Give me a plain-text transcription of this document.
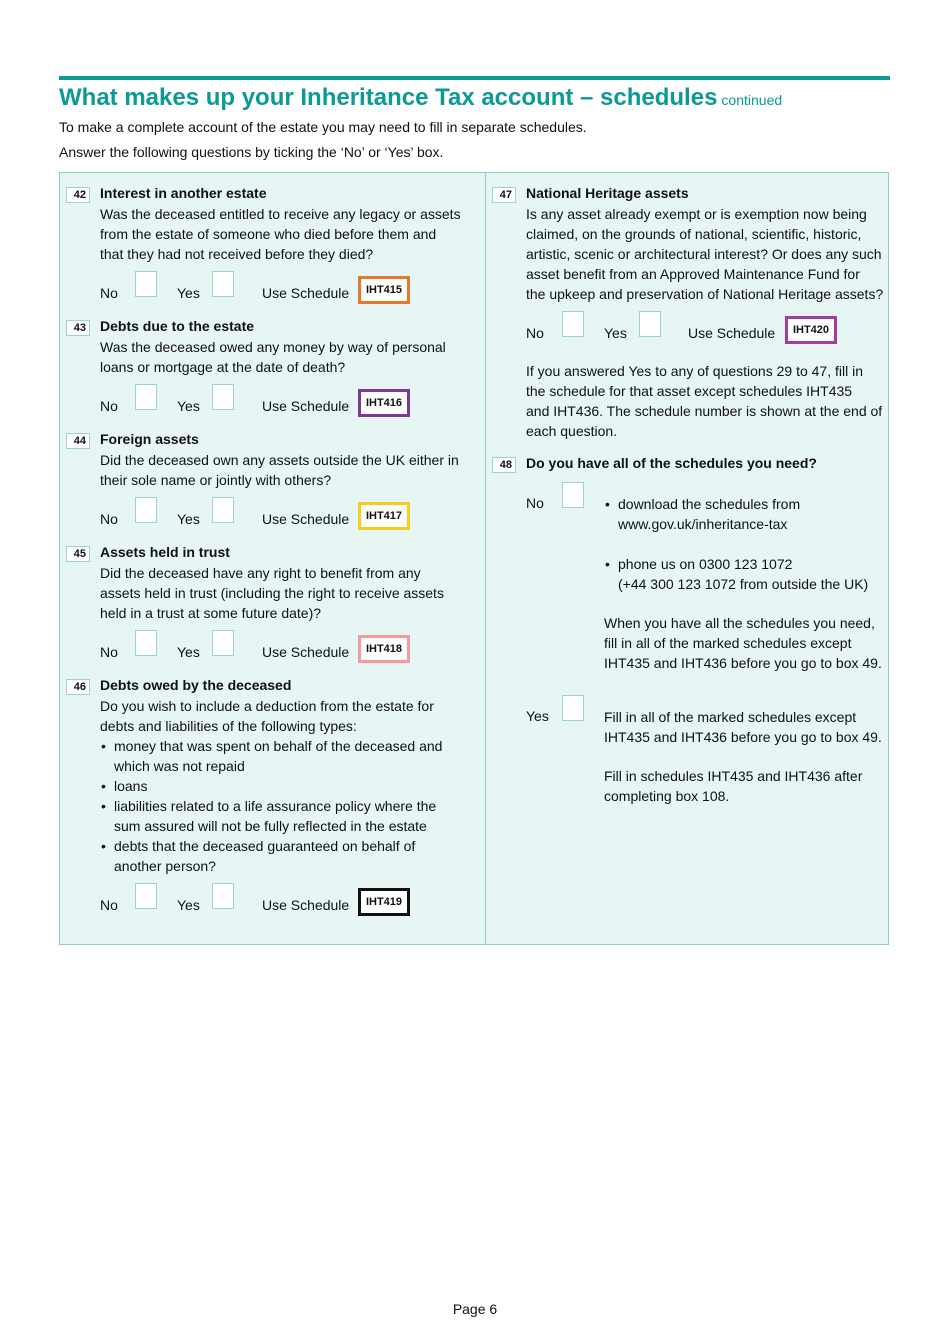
What makes up your Inheritance Tax account – schedules continued

To make a complete account of the estate you may need to fill in separate schedules.

Answer the following questions by ticking the ‘No’ or ‘Yes’ box.

42 Interest in another estate
Was the deceased entitled to receive any legacy or assets
from the estate of someone who died before them and
that they had not received before they died?
No	Yes	Use Schedule	IHT415
43 Debts due to the estate
Was the deceased owed any money by way of personal
loans or mortgage at the date of death?
No	Yes	Use Schedule	IHT416
44 Foreign assets
Did the deceased own any assets outside the UK either in
their sole name or jointly with others?
No	Yes	Use Schedule	IHT417
45 Assets held in trust
Did the deceased have any right to benefit from any
assets held in trust (including the right to receive assets
held in a trust at some future date)?
No	Yes	Use Schedule	IHT418
46 Debts owed by the deceased
Do you wish to include a deduction from the estate for
debts and liabilities of the following types:
• money that was spent on behalf of the deceased and
which was not repaid
• loans
• liabilities related to a life assurance policy where the
sum assured will not be fully reflected in the estate
• debts that the deceased guaranteed on behalf of
another person?
No	Yes	Use Schedule	IHT419
47 National Heritage assets
Is any asset already exempt or is exemption now being
claimed, on the grounds of national, scientific, historic,
artistic, scenic or architectural interest? Or does any such
asset benefit from an Approved Maintenance Fund for
the upkeep and preservation of National Heritage assets?
No	Yes	Use Schedule	IHT420
If you answered Yes to any of questions 29 to 47, fill in
the schedule for that asset except schedules IHT435
and IHT436. The schedule number is shown at the end of
each question.
48 Do you have all of the schedules you need?
No
•	download the schedules from
www.gov.uk/inheritance-tax
• phone us on 0300 123 1072
(+44 300 123 1072 from outside the UK)
When you have all the schedules you need,
fill in all of the marked schedules except
IHT435 and IHT436 before you go to box 49.
Yes	Fill in all of the marked schedules except
IHT435 and IHT436 before you go to box 49.
Fill in schedules IHT435 and IHT436 after
completing box 108.
Page 6
